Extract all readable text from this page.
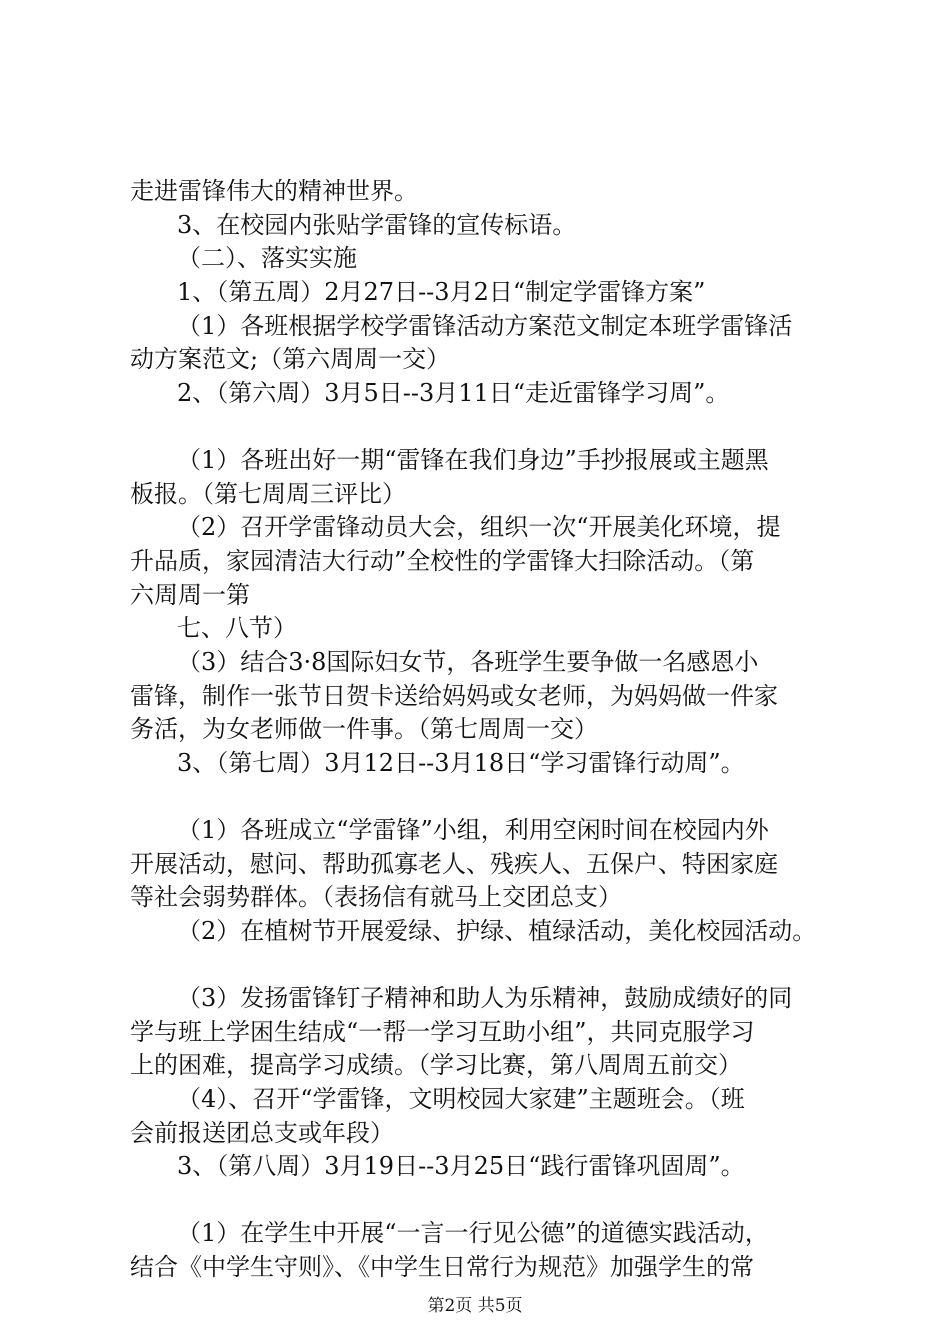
走进雷锋伟大的精神世界。
3、在校园内张贴学雷锋的宣传标语。
（二）、落实实施
1、（第五周）2月27日--3月2日“制定学雷锋方案”
（1）各班根据学校学雷锋活动方案范文制定本班学雷锋活
动方案范文;（第六周周一交）
2、（第六周）3月5日--3月11日“走近雷锋学习周”。
（1）各班出好一期“雷锋在我们身边”手抄报展或主题黑
板报。（第七周周三评比）
（2）召开学雷锋动员大会，组织一次“开展美化环境，提
升品质，家园清洁大行动”全校性的学雷锋大扫除活动。（第
六周周一第
七、八节）
（3）结合3·8国际妇女节，各班学生要争做一名感恩小
雷锋，制作一张节日贺卡送给妈妈或女老师，为妈妈做一件家
务活，为女老师做一件事。（第七周周一交）
3、（第七周）3月12日--3月18日“学习雷锋行动周”。
（1）各班成立“学雷锋”小组，利用空闲时间在校园内外
开展活动，慰问、帮助孤寡老人、残疾人、五保户、特困家庭
等社会弱势群体。（表扬信有就马上交团总支）
（2）在植树节开展爱绿、护绿、植绿活动，美化校园活动。
（3）发扬雷锋钉子精神和助人为乐精神，鼓励成绩好的同
学与班上学困生结成“一帮一学习互助小组”，共同克服学习
上的困难，提高学习成绩。（学习比赛，第八周周五前交）
（4）、召开“学雷锋，文明校园大家建”主题班会。（班
会前报送团总支或年段）
3、（第八周）3月19日--3月25日“践行雷锋巩固周”。
（1）在学生中开展“一言一行见公德”的道德实践活动，
结合《中学生守则》、《中学生日常行为规范》加强学生的常
第2页 共5页
